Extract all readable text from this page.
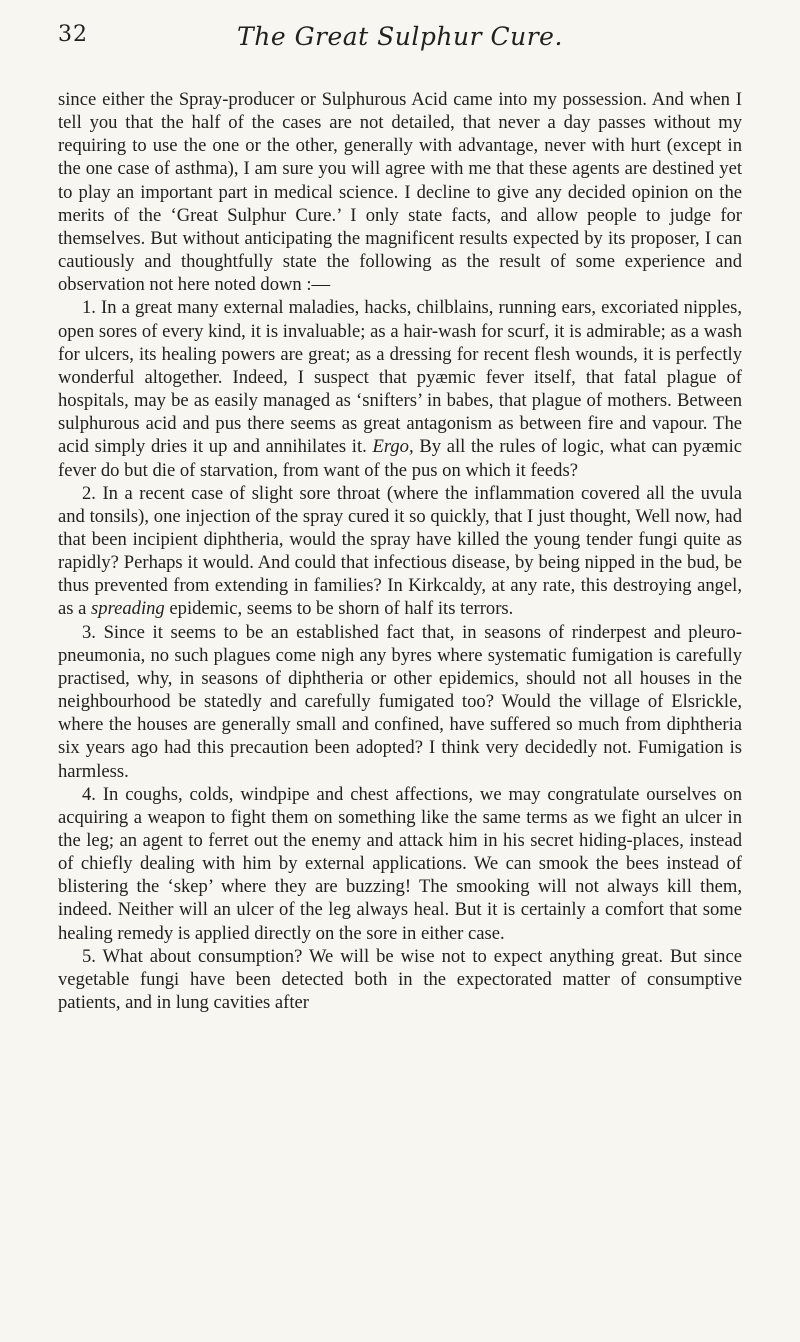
32	The Great Sulphur Cure.

since either the Spray-producer or Sulphurous Acid came into my possession. And when I tell you that the half of the cases are not detailed, that never a day passes without my requiring to use the one or the other, generally with advantage, never with hurt (except in the one case of asthma), I am sure you will agree with me that these agents are destined yet to play an important part in medical science. I decline to give any decided opinion on the merits of the ‘Great Sulphur Cure.’ I only state facts, and allow people to judge for themselves. But without anticipating the magnificent results expected by its proposer, I can cautiously and thoughtfully state the following as the result of some experience and observation not here noted down :—

1. In a great many external maladies, hacks, chilblains, running ears, excoriated nipples, open sores of every kind, it is invaluable; as a hair-wash for scurf, it is admirable; as a wash for ulcers, its healing powers are great; as a dressing for recent flesh wounds, it is perfectly wonderful altogether. Indeed, I suspect that pyæmic fever itself, that fatal plague of hospitals, may be as easily managed as ‘snifters’ in babes, that plague of mothers. Between sulphurous acid and pus there seems as great antagonism as between fire and vapour. The acid simply dries it up and annihilates it. Ergo, By all the rules of logic, what can pyæmic fever do but die of starvation, from want of the pus on which it feeds?

2. In a recent case of slight sore throat (where the inflammation covered all the uvula and tonsils), one injection of the spray cured it so quickly, that I just thought, Well now, had that been incipient diphtheria, would the spray have killed the young tender fungi quite as rapidly? Perhaps it would. And could that infectious disease, by being nipped in the bud, be thus prevented from extending in families? In Kirkcaldy, at any rate, this destroying angel, as a spreading epidemic, seems to be shorn of half its terrors.

3. Since it seems to be an established fact that, in seasons of rinderpest and pleuro-pneumonia, no such plagues come nigh any byres where systematic fumigation is carefully practised, why, in seasons of diphtheria or other epidemics, should not all houses in the neighbourhood be statedly and carefully fumigated too? Would the village of Elsrickle, where the houses are generally small and confined, have suffered so much from diphtheria six years ago had this precaution been adopted? I think very decidedly not. Fumigation is harmless.

4. In coughs, colds, windpipe and chest affections, we may congratulate ourselves on acquiring a weapon to fight them on something like the same terms as we fight an ulcer in the leg; an agent to ferret out the enemy and attack him in his secret hiding-places, instead of chiefly dealing with him by external applications. We can smook the bees instead of blistering the ‘skep’ where they are buzzing! The smooking will not always kill them, indeed. Neither will an ulcer of the leg always heal. But it is certainly a comfort that some healing remedy is applied directly on the sore in either case.

5. What about consumption? We will be wise not to expect anything great. But since vegetable fungi have been detected both in the expectorated matter of consumptive patients, and in lung cavities after
